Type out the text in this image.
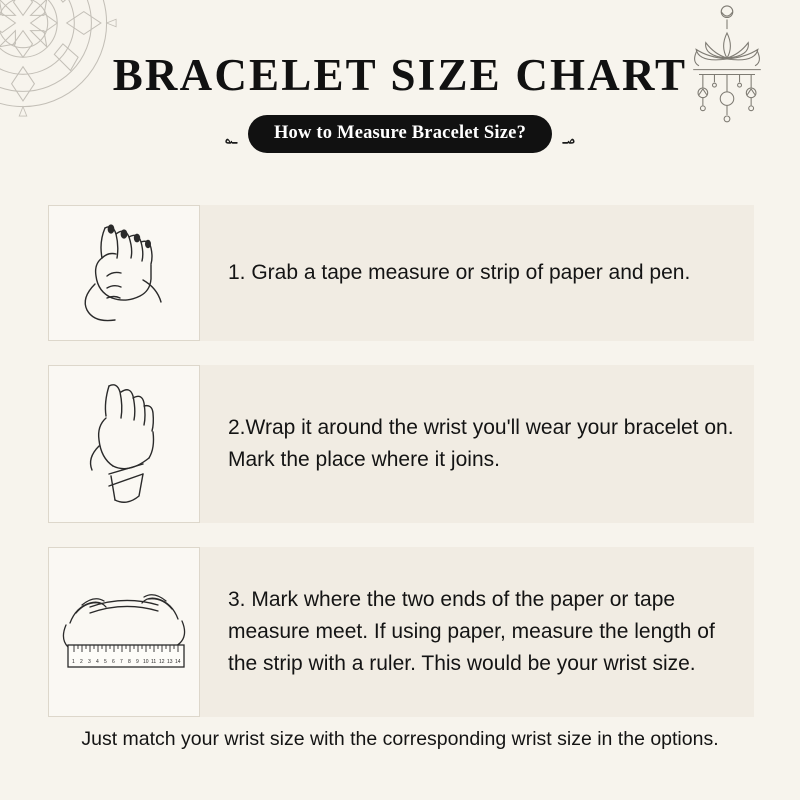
BRACELET SIZE CHART
؃	How to Measure Bracelet Size?	؃
1. Grab a tape measure or strip of paper and pen.
2.Wrap it around the wrist you'll wear your bracelet on. Mark the place where it joins.
1 2 3 4 5 6 7 8 9 10 11 12 13 14
3. Mark where the two ends of the paper or tape measure meet. If using paper, measure the length of the strip with a ruler. This would be your wrist size.
Just match your wrist size with the corresponding wrist size in the options.
